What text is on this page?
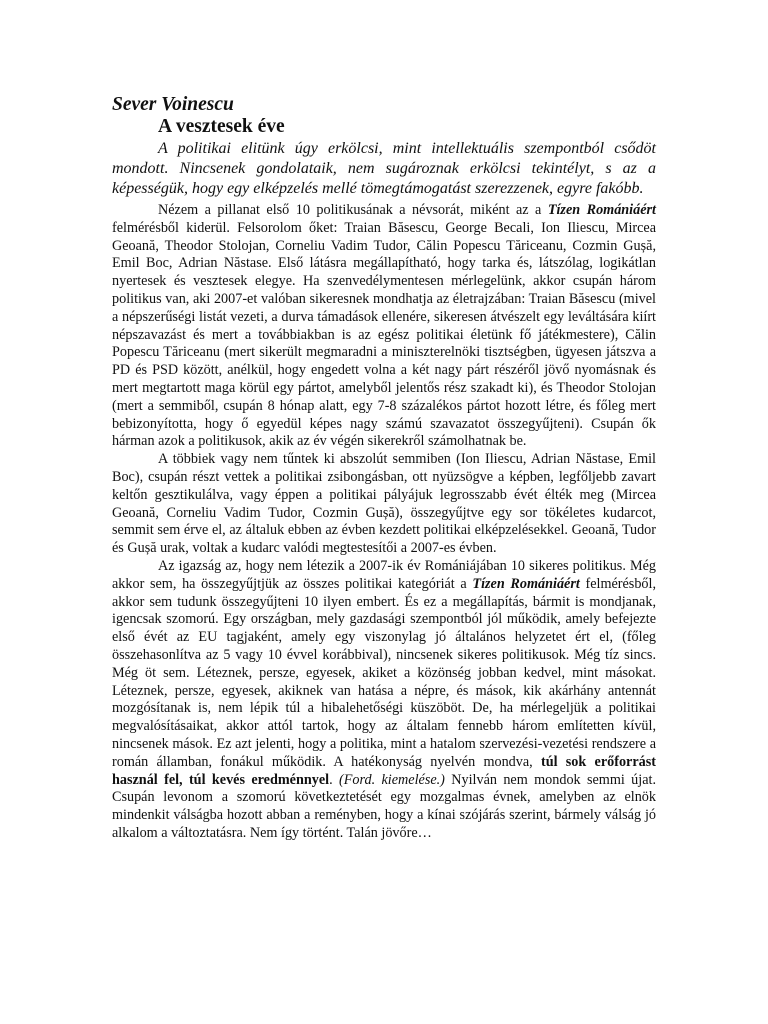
Sever Voinescu
A vesztesek éve

A politikai elitünk úgy erkölcsi, mint intellektuális szempontból csődöt mondott. Nincsenek gondolataik, nem sugároznak erkölcsi tekintélyt, s az a képességük, hogy egy elképzelés mellé tömegtámogatást szerezzenek, egyre fakóbb.

Nézem a pillanat első 10 politikusának a névsorát, miként az a Tízen Romániáért felmérésből kiderül. Felsorolom őket: Traian Băsescu, George Becali, Ion Iliescu, Mircea Geoană, Theodor Stolojan, Corneliu Vadim Tudor, Călin Popescu Tăriceanu, Cozmin Gușă, Emil Boc, Adrian Năstase. Első látásra megállapítható, hogy tarka és, látszólag, logikátlan nyertesek és vesztesek elegye. Ha szenvedélymentesen mérlegelünk, akkor csupán három politikus van, aki 2007-et valóban sikeresnek mondhatja az életrajzában: Traian Băsescu (mivel a népszerűségi listát vezeti, a durva támadások ellenére, sikeresen átvészelt egy leváltására kiírt népszavazást és mert a továbbiakban is az egész politikai életünk fő játékmestere), Călin Popescu Tăriceanu (mert sikerült megmaradni a miniszterelnöki tisztségben, ügyesen játszva a PD és PSD között, anélkül, hogy engedett volna a két nagy párt részéről jövő nyomásnak és mert megtartott maga körül egy pártot, amelyből jelentős rész szakadt ki), és Theodor Stolojan (mert a semmiből, csupán 8 hónap alatt, egy 7-8 százalékos pártot hozott létre, és főleg mert bebizonyította, hogy ő egyedül képes nagy számú szavazatot összegyűjteni). Csupán ők hárman azok a politikusok, akik az év végén sikerekről számolhatnak be.

A többiek vagy nem tűntek ki abszolút semmiben (Ion Iliescu, Adrian Năstase, Emil Boc), csupán részt vettek a politikai zsibongásban, ott nyüzsögve a képben, legfőljebb zavart keltőn gesztikulálva, vagy éppen a politikai pályájuk legrosszabb évét élték meg (Mircea Geoană, Corneliu Vadim Tudor, Cozmin Gușă), összegyűjtve egy sor tökéletes kudarcot, semmit sem érve el, az általuk ebben az évben kezdett politikai elképzelésekkel. Geoană, Tudor és Gușă urak, voltak a kudarc valódi megtestesítői a 2007-es évben.

Az igazság az, hogy nem létezik a 2007-ik év Romániájában 10 sikeres politikus. Még akkor sem, ha összegyűjtjük az összes politikai kategóriát a Tízen Romániáért felmérésből, akkor sem tudunk összegyűjteni 10 ilyen embert. És ez a megállapítás, bármit is mondjanak, igencsak szomorú. Egy országban, mely gazdasági szempontból jól működik, amely befejezte első évét az EU tagjaként, amely egy viszonylag jó általános helyzetet ért el, (főleg összehasonlítva az 5 vagy 10 évvel korábbival), nincsenek sikeres politikusok. Még tíz sincs. Még öt sem. Léteznek, persze, egyesek, akiket a közönség jobban kedvel, mint másokat. Léteznek, persze, egyesek, akiknek van hatása a népre, és mások, kik akárhány antennát mozgósítanak is, nem lépik túl a hibalehetőségi küszöböt. De, ha mérlegeljük a politikai megvalósításaikat, akkor attól tartok, hogy az általam fennebb három említetten kívül, nincsenek mások. Ez azt jelenti, hogy a politika, mint a hatalom szervezési-vezetési rendszere a román államban, fonákul működik. A hatékonyság nyelvén mondva, túl sok erőforrást használ fel, túl kevés eredménnyel. (Ford. kiemelése.) Nyilván nem mondok semmi újat. Csupán levonom a szomorú következtetését egy mozgalmas évnek, amelyben az elnök mindenkit válságba hozott abban a reményben, hogy a kínai szójárás szerint, bármely válság jó alkalom a változtatásra. Nem így történt. Talán jövőre…
